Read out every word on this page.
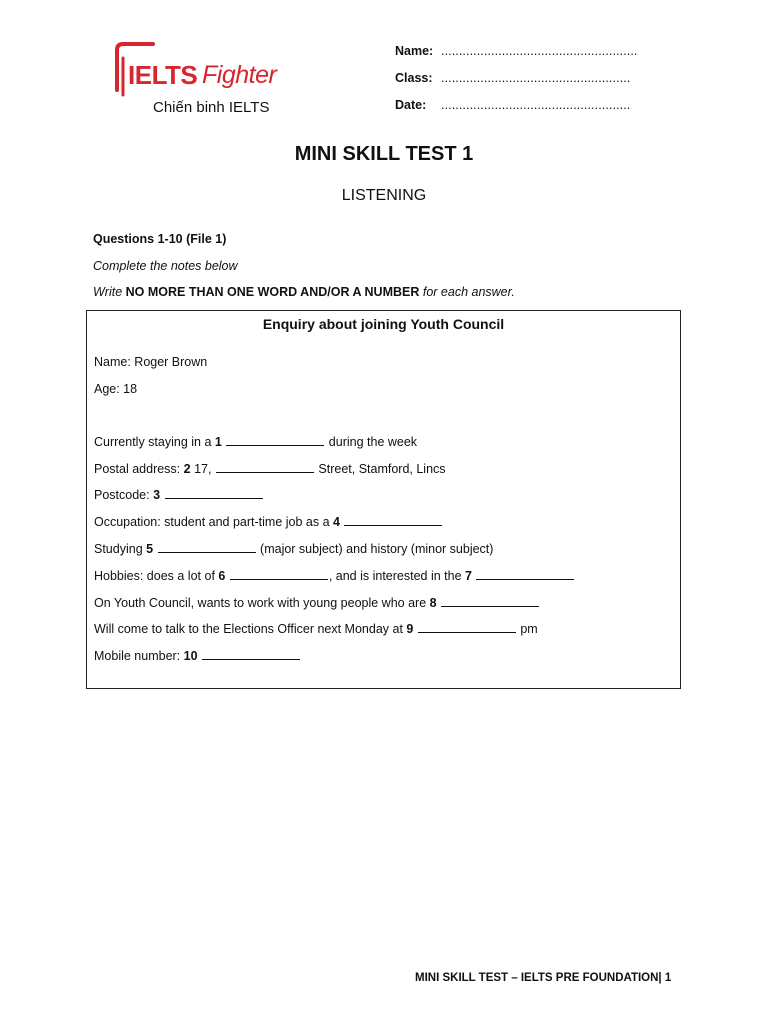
IELTS Fighter
Chiến binh IELTS
Name: .......................................................
Class: .....................................................
Date:	.....................................................
MINI SKILL TEST 1
LISTENING
Questions 1-10 (File 1)
Complete the notes below
Write NO MORE THAN ONE WORD AND/OR A NUMBER for each answer.
Enquiry about joining Youth Council
Name: Roger Brown
Age: 18
Currently staying in a 1	during the week
Postal address: 2 17,	Street, Stamford, Lincs
Postcode: 3
Occupation: student and part-time job as a 4
Studying 5	(major subject) and history (minor subject)
Hobbies: does a lot of 6	, and is interested in the 7
On Youth Council, wants to work with young people who are 8
Will come to talk to the Elections Officer next Monday at 9	pm
Mobile number: 10
MINI SKILL TEST – IELTS PRE FOUNDATION| 1
